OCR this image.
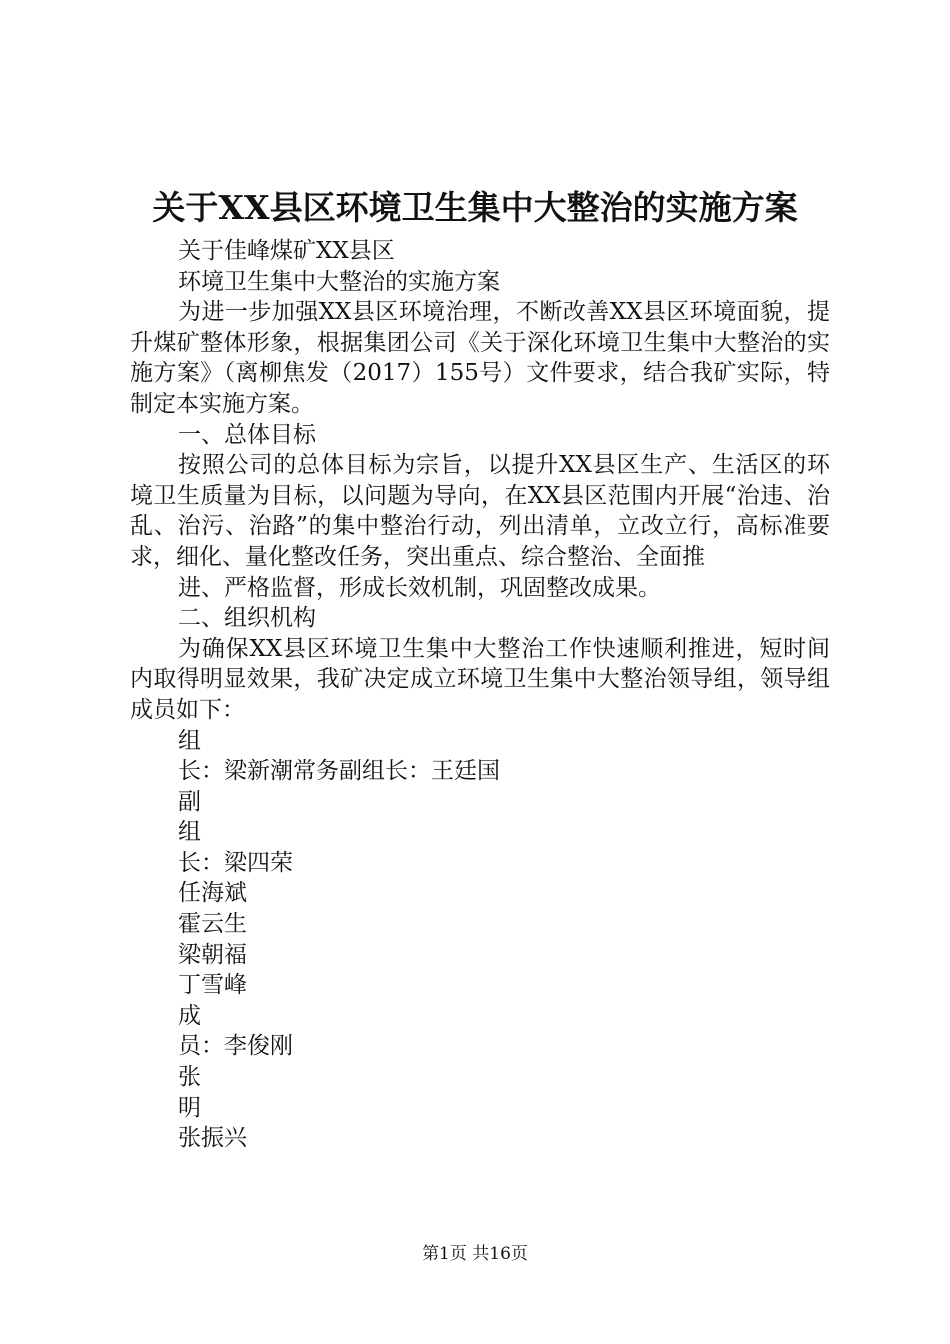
关于XX县区环境卫生集中大整治的实施方案

关于佳峰煤矿XX县区

环境卫生集中大整治的实施方案

为进一步加强XX县区环境治理，不断改善XX县区环境面貌，提升煤矿整体形象，根据集团公司《关于深化环境卫生集中大整治的实施方案》（离柳焦发（2017）155号）文件要求，结合我矿实际，特制定本实施方案。

一、总体目标

按照公司的总体目标为宗旨，以提升XX县区生产、生活区的环境卫生质量为目标，以问题为导向，在XX县区范围内开展“治违、治乱、治污、治路”的集中整治行动，列出清单，立改立行，高标准要求，细化、量化整改任务，突出重点、综合整治、全面推

进、严格监督，形成长效机制，巩固整改成果。

二、组织机构

为确保XX县区环境卫生集中大整治工作快速顺利推进，短时间内取得明显效果，我矿决定成立环境卫生集中大整治领导组，领导组成员如下：

组

长：梁新潮常务副组长：王廷国

副

组

长：梁四荣

任海斌

霍云生

梁朝福

丁雪峰

成

员：李俊刚

张

明

张振兴

第1页 共16页
